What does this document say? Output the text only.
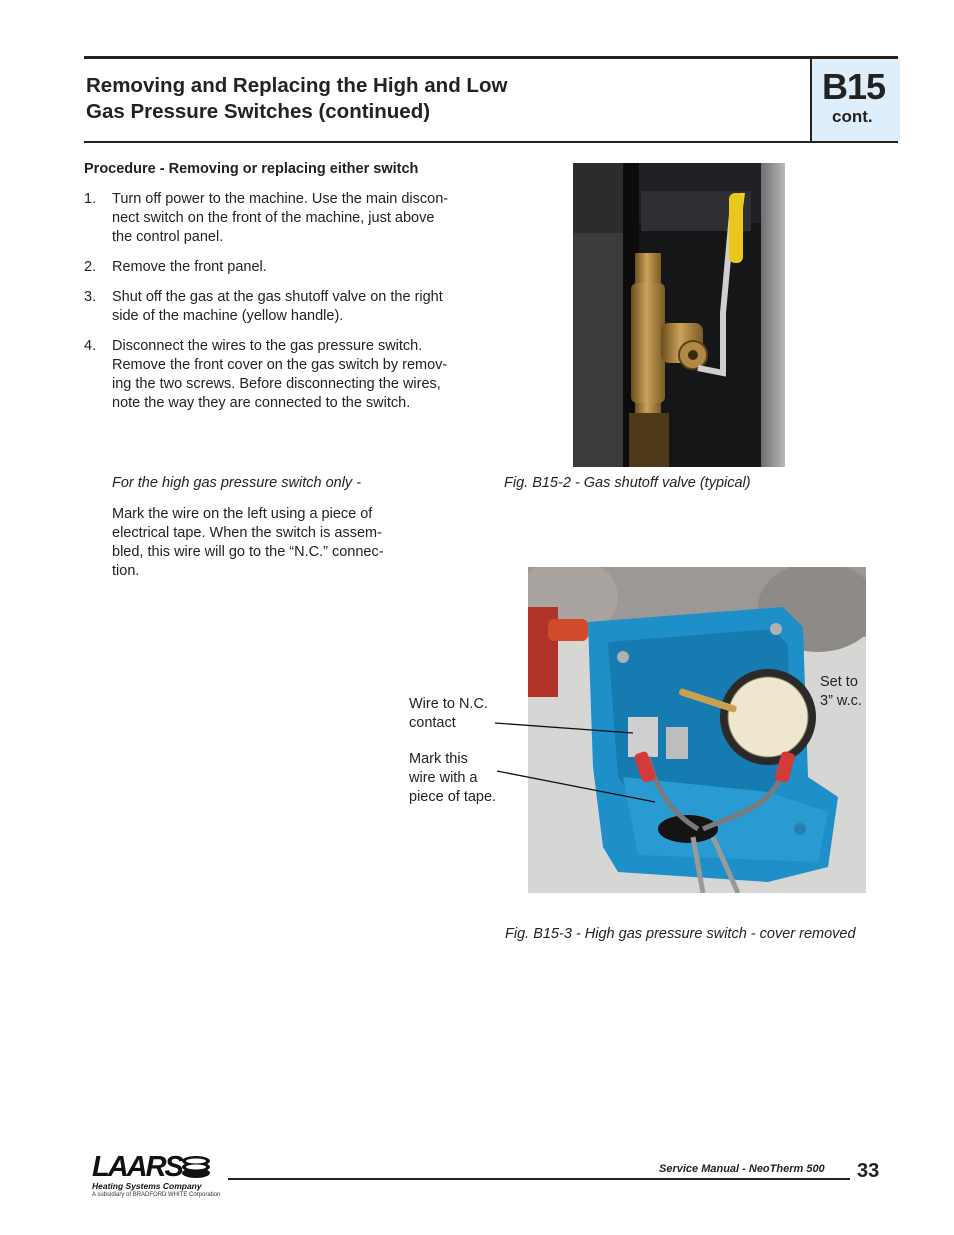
Removing and Replacing the High and Low
Gas Pressure Switches (continued)
B15
cont.
Procedure - Removing or replacing either switch
1. Turn off power to the machine. Use the main discon-
nect switch on the front of the machine, just above
the control panel.
2. Remove the front panel.
3. Shut off the gas at the gas shutoff valve on the right
side of the machine (yellow handle).
4. Disconnect the wires to the gas pressure switch.
Remove the front cover on the gas switch by remov-
ing the two screws. Before disconnecting the wires,
note the way they are connected to the switch.
For the high gas pressure switch only -
Mark the wire on the left using a piece of
electrical tape. When the switch is assem-
bled, this wire will go to the “N.C.” connec-
tion.
Fig. B15-2 - Gas shutoff valve (typical)
Fig. B15-3 - High gas pressure switch - cover removed
Wire to N.C.
contact
Mark this
wire with a
piece of tape.
Set to
3” w.c.
LAARS
Heating Systems Company
A subsidiary of BRADFORD WHITE Corporation
Service Manual - NeoTherm 500 33
